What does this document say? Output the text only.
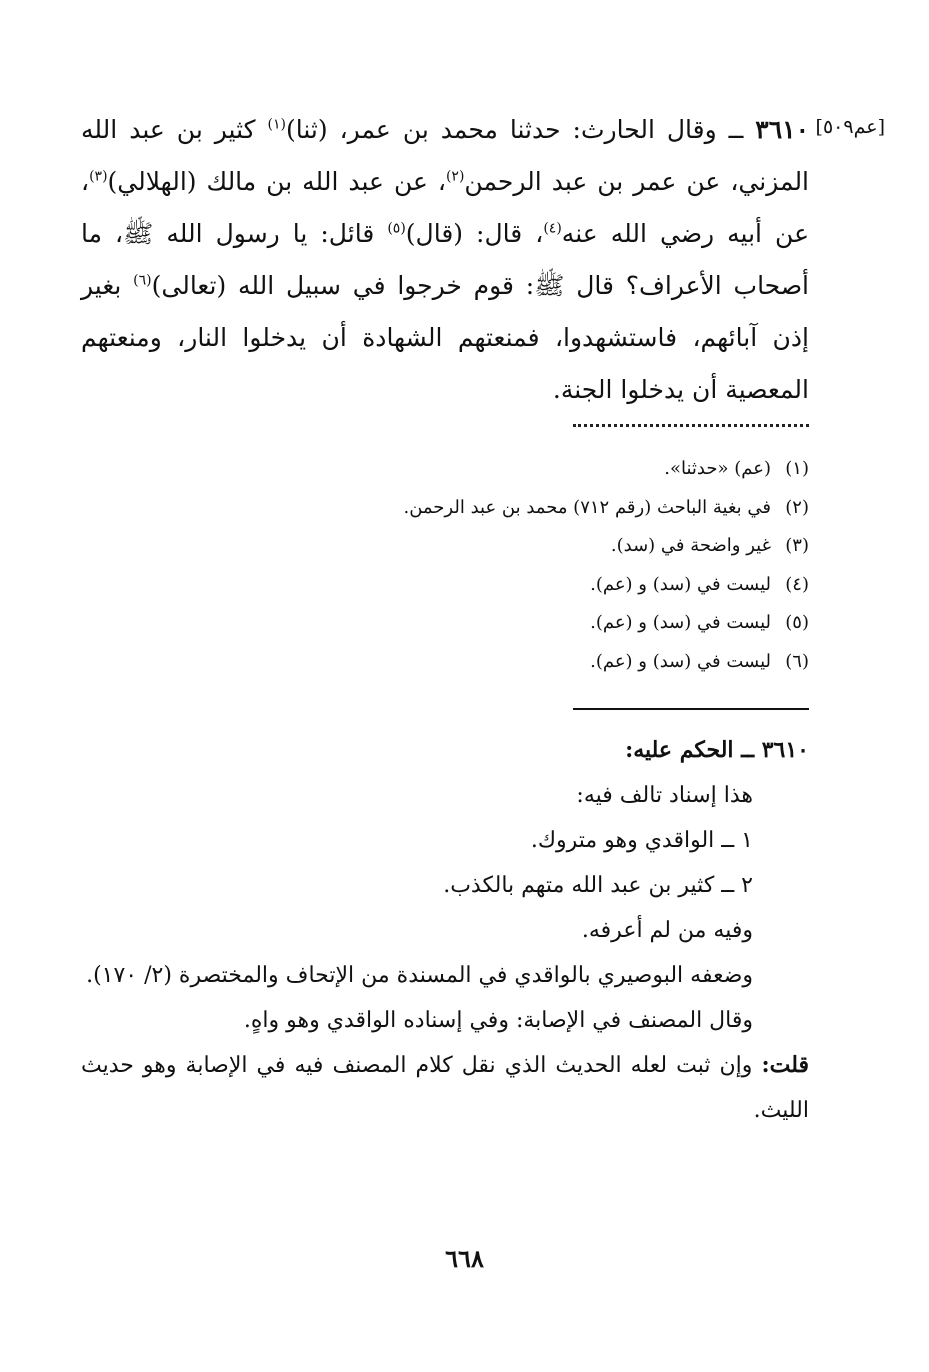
[عم٥٠٩]

٣٦١٠ ــ وقال الحارث: حدثنا محمد بن عمر، (ثنا)$^{(١)}$ كثير بن عبد الله المزني، عن عمر بن عبد الرحمن$^{(٢)}$، عن عبد الله بن مالك (الهلالي)$^{(٣)}$، عن أبيه رضي الله عنه$^{(٤)}$، قال: (قال)$^{(٥)}$ قائل: يا رسول الله ﷺ، ما أصحاب الأعراف؟ قال ﷺ: قوم خرجوا في سبيل الله (تعالى)$^{(٦)}$ بغير إذن آبائهم، فاستشهدوا، فمنعتهم الشهادة أن يدخلوا النار، ومنعتهم المعصية أن يدخلوا الجنة.

(١)(عم) «حدثنا».
(٢)في بغية الباحث (رقم ٧١٢) محمد بن عبد الرحمن.
(٣)غير واضحة في (سد).
(٤)ليست في (سد) و (عم).
(٥)ليست في (سد) و (عم).
(٦)ليست في (سد) و (عم).
٣٦١٠ ــ الحكم عليه:
هذا إسناد تالف فيه:
١ ــ الواقدي وهو متروك.
٢ ــ كثير بن عبد الله متهم بالكذب.
وفيه من لم أعرفه.
وضعفه البوصيري بالواقدي في المسندة من الإتحاف والمختصرة (٢/ ١٧٠).
وقال المصنف في الإصابة: وفي إسناده الواقدي وهو واهٍ.
قلت: وإن ثبت لعله الحديث الذي نقل كلام المصنف فيه في الإصابة وهو حديث الليث.
٦٦٨
